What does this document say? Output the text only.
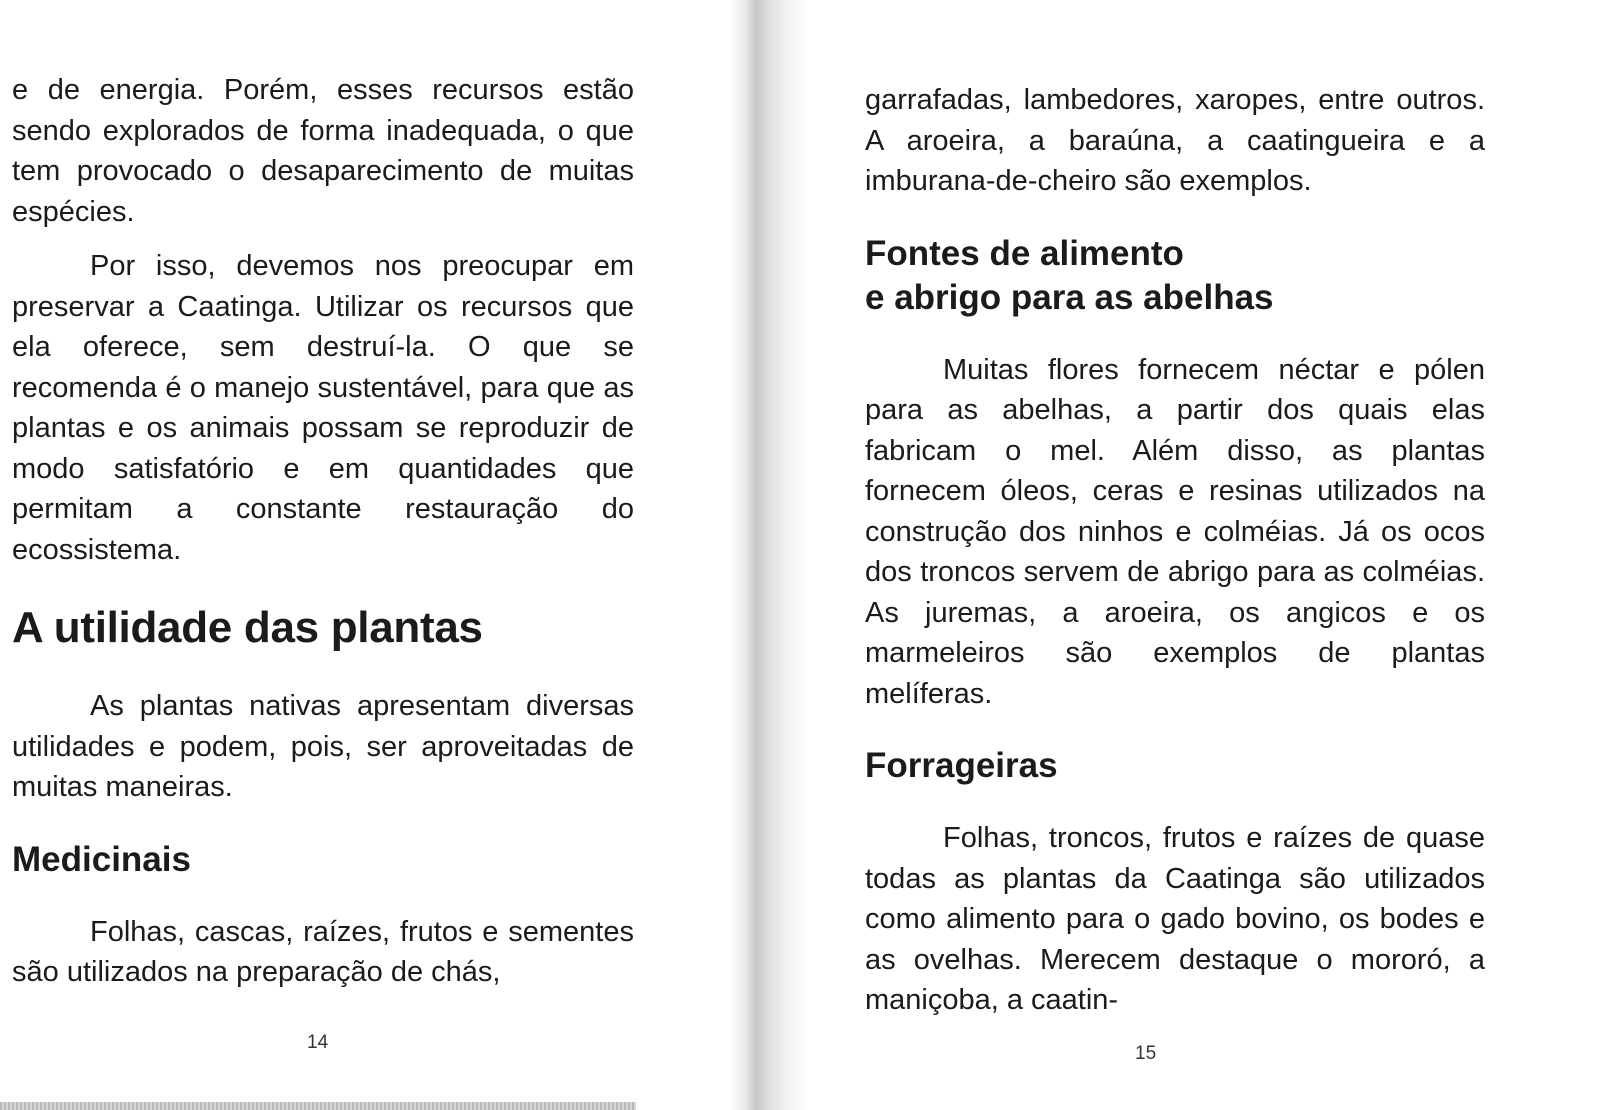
e de energia. Porém, esses recursos estão sendo explorados de forma inadequada, o que tem provocado o desaparecimento de muitas espécies.

Por isso, devemos nos preocupar em preservar a Caatinga. Utilizar os recursos que ela oferece, sem destruí-la. O que se recomenda é o manejo sustentável, para que as plantas e os animais possam se reproduzir de modo satisfatório e em quantidades que permitam a constante restauração do ecossistema.

A utilidade das plantas

As plantas nativas apresentam diversas utilidades e podem, pois, ser aproveitadas de muitas maneiras.

Medicinais

Folhas, cascas, raízes, frutos e sementes são utilizados na preparação de chás,

14

garrafadas, lambedores, xaropes, entre outros. A aroeira, a baraúna, a caatingueira e a imburana-de-cheiro são exemplos.

Fontes de alimento
e abrigo para as abelhas

Muitas flores fornecem néctar e pólen para as abelhas, a partir dos quais elas fabricam o mel. Além disso, as plantas fornecem óleos, ceras e resinas utilizados na construção dos ninhos e colméias. Já os ocos dos troncos servem de abrigo para as colméias. As juremas, a aroeira, os angicos e os marmeleiros são exemplos de plantas melíferas.

Forrageiras

Folhas, troncos, frutos e raízes de quase todas as plantas da Caatinga são utilizados como alimento para o gado bovino, os bodes e as ovelhas. Merecem destaque o mororó, a maniçoba, a caatin-

15
